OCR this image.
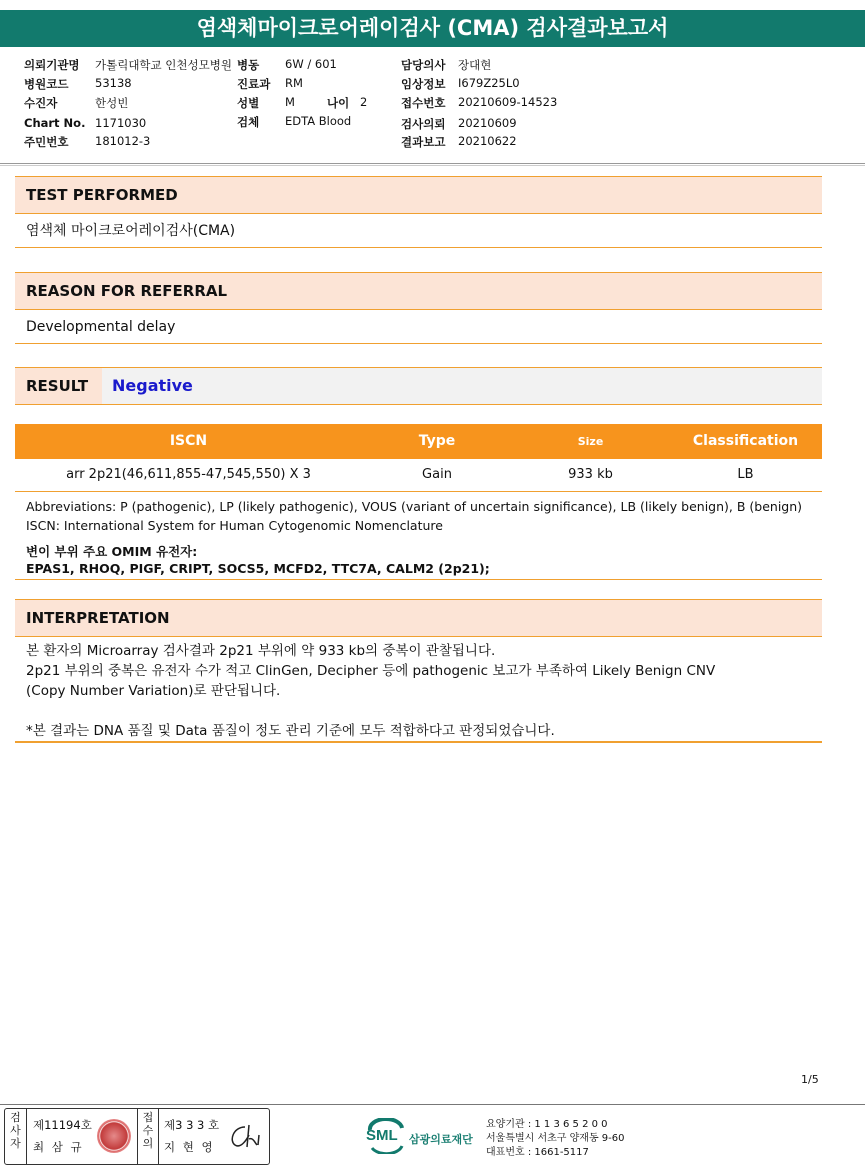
염색체마이크로어레이검사 (CMA) 검사결과보고서
의뢰기관명 가톨릭대학교 인천성모병원 병동 6W / 601	담당의사 장대현
병원코드 53138	진료과 RM	임상정보 I679Z25L0
수진자	한성빈	성별 M	나이 2	접수번호 20210609-14523
Chart No. 1171030	검체 EDTA Blood	검사의뢰 20210609
주민번호 181012-3	결과보고 20210622
TEST PERFORMED
염색체 마이크로어레이검사(CMA)
REASON FOR REFERRAL
Developmental delay
RESULT	Negative
ISCN	Type	Size	Classification
arr 2p21(46,611,855-47,545,550) X 3	Gain	933 kb	LB
Abbreviations: P (pathogenic), LP (likely pathogenic), VOUS (variant of uncertain significance), LB (likely benign), B (benign)
ISCN: International System for Human Cytogenomic Nomenclature
변이 부위 주요 OMIM 유전자:
EPAS1, RHOQ, PIGF, CRIPT, SOCS5, MCFD2, TTC7A, CALM2 (2p21);
INTERPRETATION
본 환자의 Microarray 검사결과 2p21 부위에 약 933 kb의 중복이 관찰됩니다.
2p21 부위의 중복은 유전자 수가 적고 ClinGen, Decipher 등에 pathogenic 보고가 부족하여 Likely Benign CNV
(Copy Number Variation)로 판단됩니다.
*본 결과는 DNA 품질 및 Data 품질이 정도 관리 기준에 모두 적합하다고 판정되었습니다.
1/5
검사자
제11194호
최 삼 규
접수의
제3 3 3 호
지 현 영
SML 삼광의료재단
요양기관 : 1 1 3 6 5 2 0 0
서울특별시 서초구 양재동 9-60
대표번호 : 1661-5117
